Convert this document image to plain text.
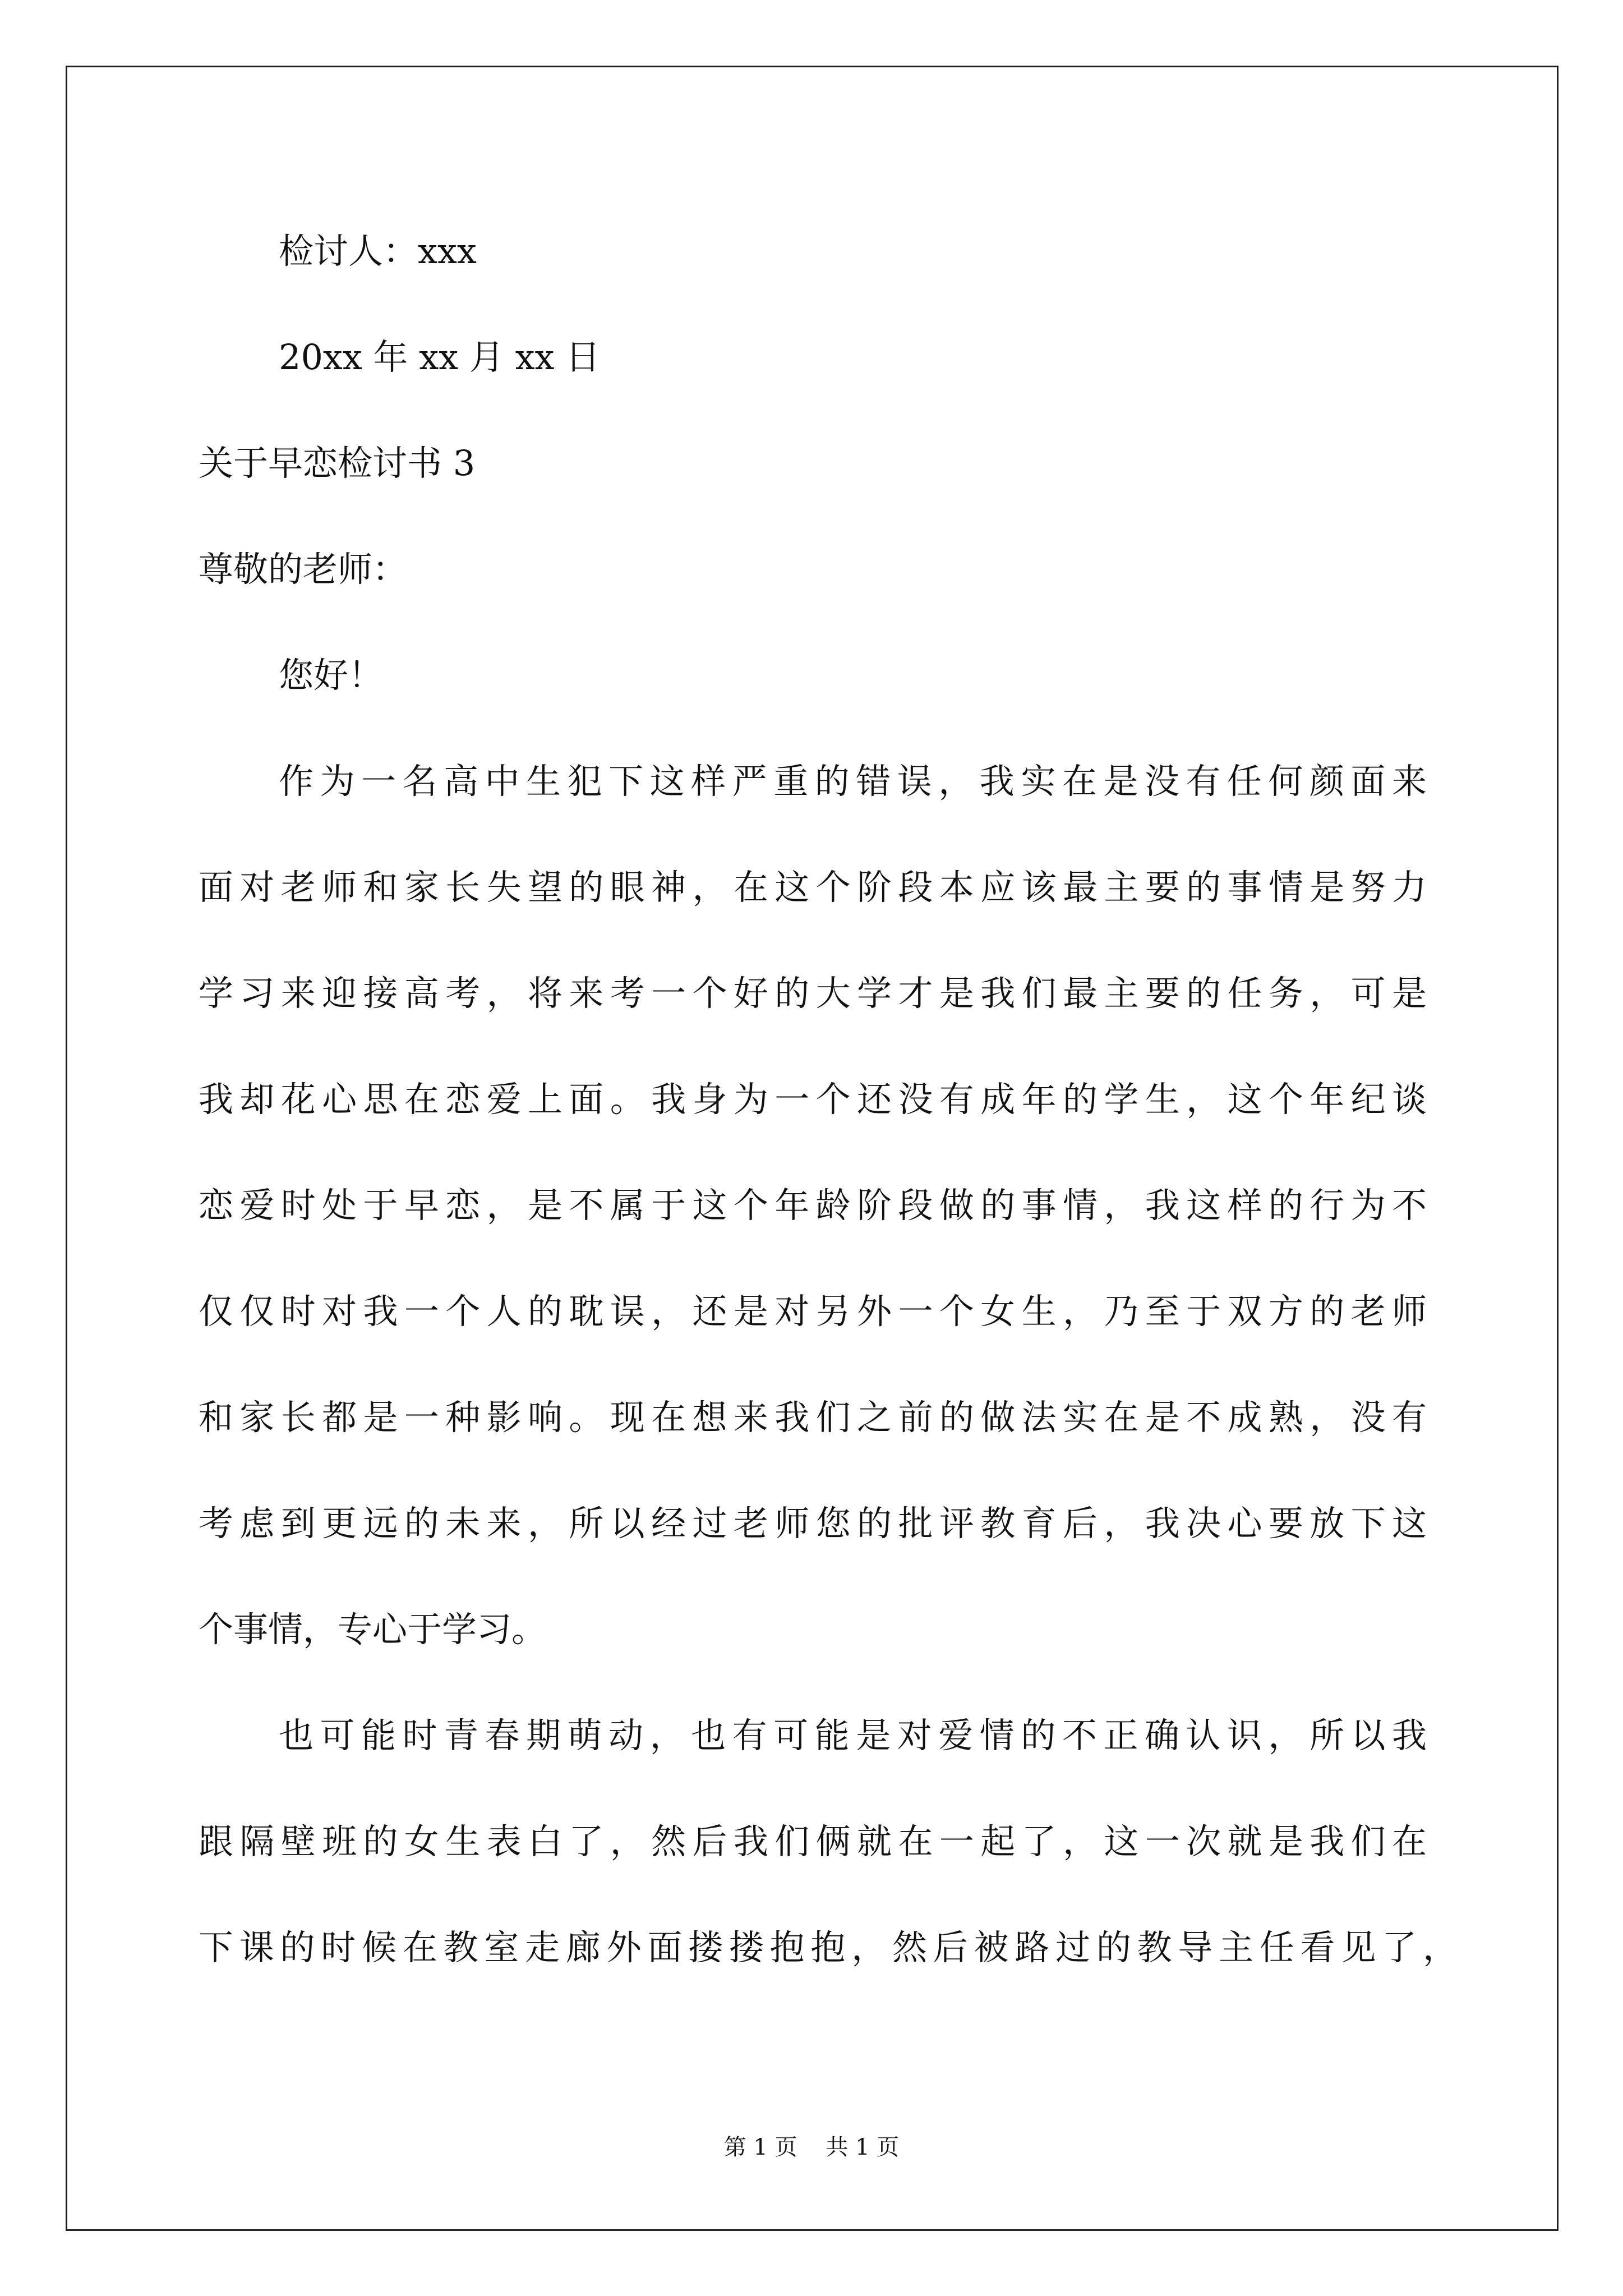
检讨人：xxx
20xx 年 xx 月 xx 日
关于早恋检讨书 3
尊敬的老师：
您好！
作为一名高中生犯下这样严重的错误，我实在是没有任何颜面来
面对老师和家长失望的眼神，在这个阶段本应该最主要的事情是努力
学习来迎接高考，将来考一个好的大学才是我们最主要的任务，可是
我却花心思在恋爱上面。我身为一个还没有成年的学生，这个年纪谈
恋爱时处于早恋，是不属于这个年龄阶段做的事情，我这样的行为不
仅仅时对我一个人的耽误，还是对另外一个女生，乃至于双方的老师
和家长都是一种影响。现在想来我们之前的做法实在是不成熟，没有
考虑到更远的未来，所以经过老师您的批评教育后，我决心要放下这
个事情，专心于学习。
也可能时青春期萌动，也有可能是对爱情的不正确认识，所以我
跟隔壁班的女生表白了，然后我们俩就在一起了，这一次就是我们在
下课的时候在教室走廊外面搂搂抱抱，然后被路过的教导主任看见了，
第 1 页    共 1 页
